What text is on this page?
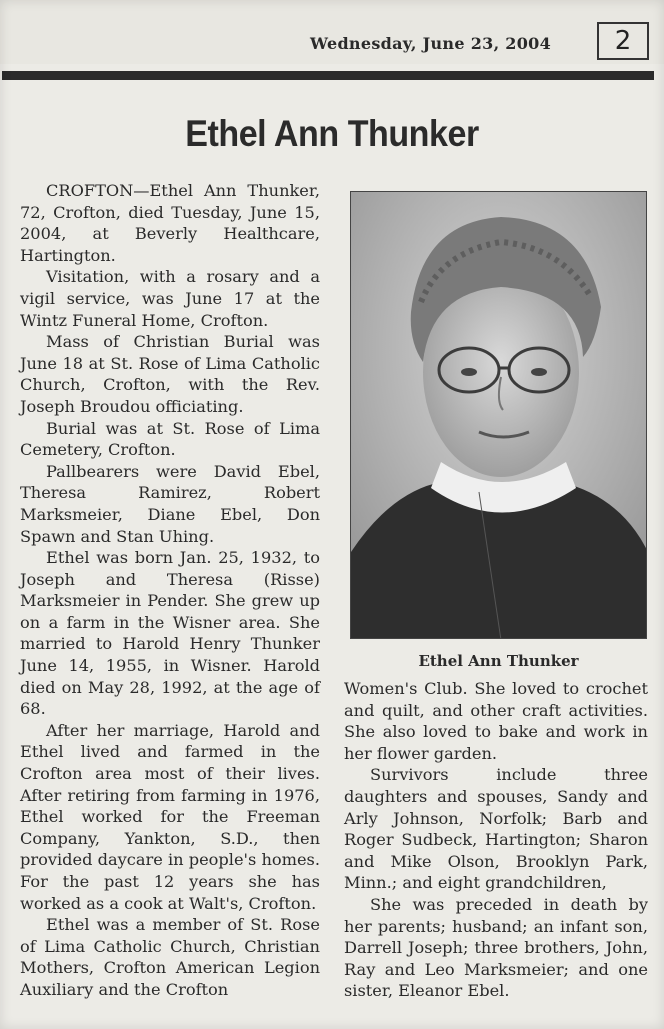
Wednesday, June 23, 2004	2
Ethel Ann Thunker

CROFTON—Ethel Ann Thunker, 72, Crofton, died Tuesday, June 15, 2004, at Beverly Healthcare, Hartington.

Visitation, with a rosary and a vigil service, was June 17 at the Wintz Funeral Home, Crofton.

Mass of Christian Burial was June 18 at St. Rose of Lima Catholic Church, Crofton, with the Rev. Joseph Broudou officiating.

Burial was at St. Rose of Lima Cemetery, Crofton.

Pallbearers were David Ebel, Theresa Ramirez, Robert Marksmeier, Diane Ebel, Don Spawn and Stan Uhing.

Ethel was born Jan. 25, 1932, to Joseph and Theresa (Risse) Marksmeier in Pender. She grew up on a farm in the Wisner area. She married to Harold Henry Thunker June 14, 1955, in Wisner. Harold died on May 28, 1992, at the age of 68.

After her marriage, Harold and Ethel lived and farmed in the Crofton area most of their lives. After retiring from farming in 1976, Ethel worked for the Freeman Company, Yankton, S.D., then provided daycare in people's homes. For the past 12 years she has worked as a cook at Walt's, Crofton.

Ethel was a member of St. Rose of Lima Catholic Church, Christian Mothers, Crofton American Legion Auxiliary and the Crofton

Ethel Ann Thunker

Women's Club. She loved to crochet and quilt, and other craft activities. She also loved to bake and work in her flower garden.

Survivors include three daughters and spouses, Sandy and Arly Johnson, Norfolk; Barb and Roger Sudbeck, Hartington; Sharon and Mike Olson, Brooklyn Park, Minn.; and eight grandchildren,

She was preceded in death by her parents; husband; an infant son, Darrell Joseph; three brothers, John, Ray and Leo Marksmeier; and one sister, Eleanor Ebel.
